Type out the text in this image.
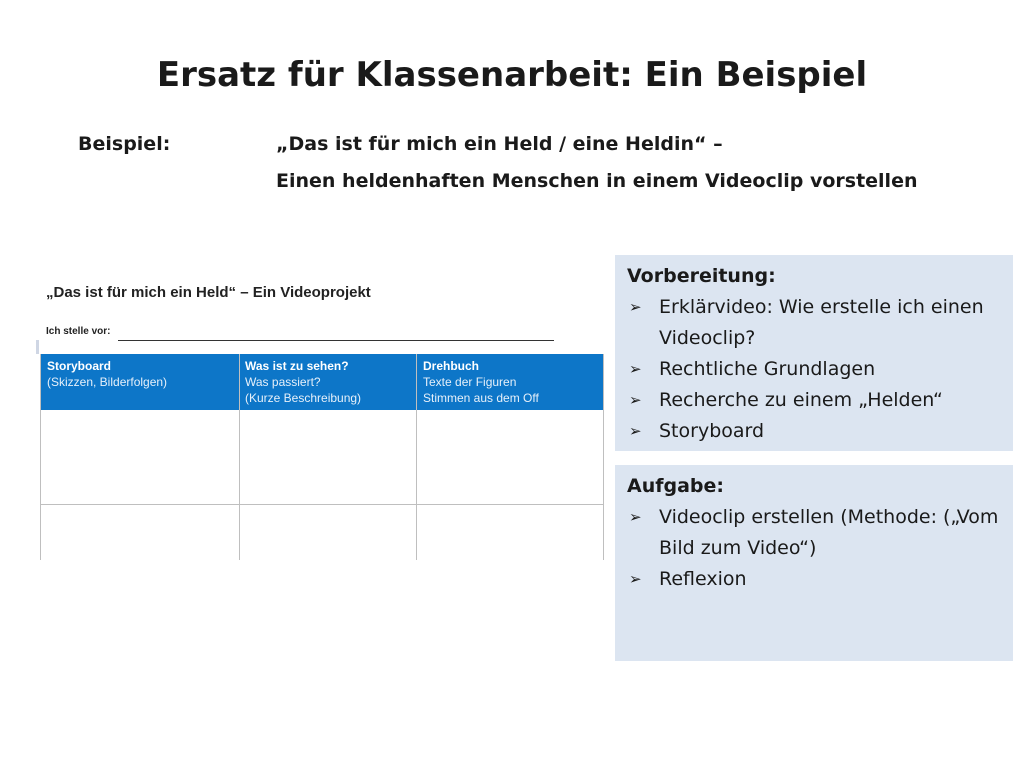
Ersatz für Klassenarbeit: Ein Beispiel
Beispiel:	„Das ist für mich ein Held / eine Heldin“ –
Einen heldenhaften Menschen in einem Videoclip vorstellen
„Das ist für mich ein Held“ – Ein Videoprojekt
Ich stelle vor:
Storyboard
(Skizzen, Bilderfolgen)
Was ist zu sehen?
Was passiert?
(Kurze Beschreibung)
Drehbuch
Texte der Figuren
Stimmen aus dem Off
Vorbereitung:
➢ Erklärvideo: Wie erstelle ich einen Videoclip?
➢ Rechtliche Grundlagen
➢ Recherche zu einem „Helden“
➢ Storyboard
Aufgabe:
➢ Videoclip erstellen (Methode: („Vom Bild zum Video“)
➢ Reflexion
